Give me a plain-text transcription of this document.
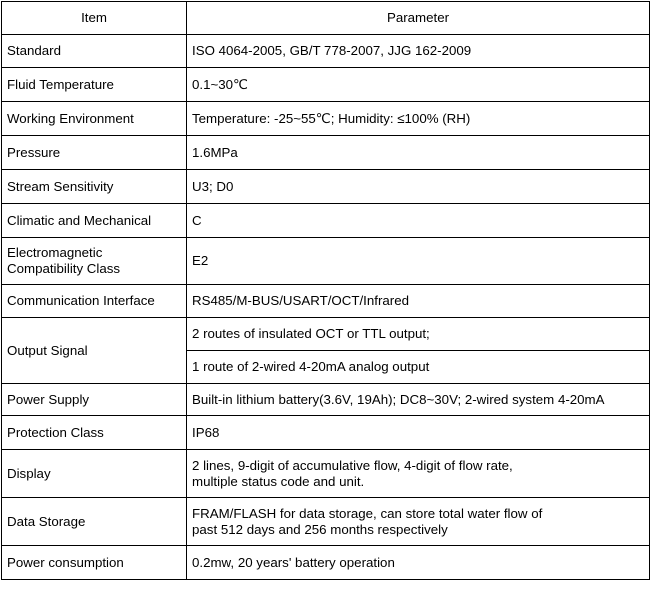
Item	Parameter
Standard	ISO 4064-2005, GB/T 778-2007, JJG 162-2009
Fluid Temperature	0.1~30℃
Working Environment	Temperature: -25~55℃; Humidity: ≤100% (RH)
Pressure	1.6MPa
Stream Sensitivity	U3; D0
Climatic and Mechanical	C

Electromagnetic
Compatibility Class	E2
Communication Interface	RS485/M-BUS/USART/OCT/Infrared
Output Signal	2 routes of insulated OCT or TTL output;
	1 route of 2-wired 4-20mA analog output
Power Supply	Built-in lithium battery(3.6V, 19Ah); DC8~30V; 2-wired system 4-20mA
Protection Class	IP68
Display	2 lines, 9-digit of accumulative flow, 4-digit of flow rate,
multiple status code and unit.

Data Storage	FRAM/FLASH for data storage, can store total water flow of
past 512 days and 256 months respectively

Power consumption	0.2mw, 20 years' battery operation
